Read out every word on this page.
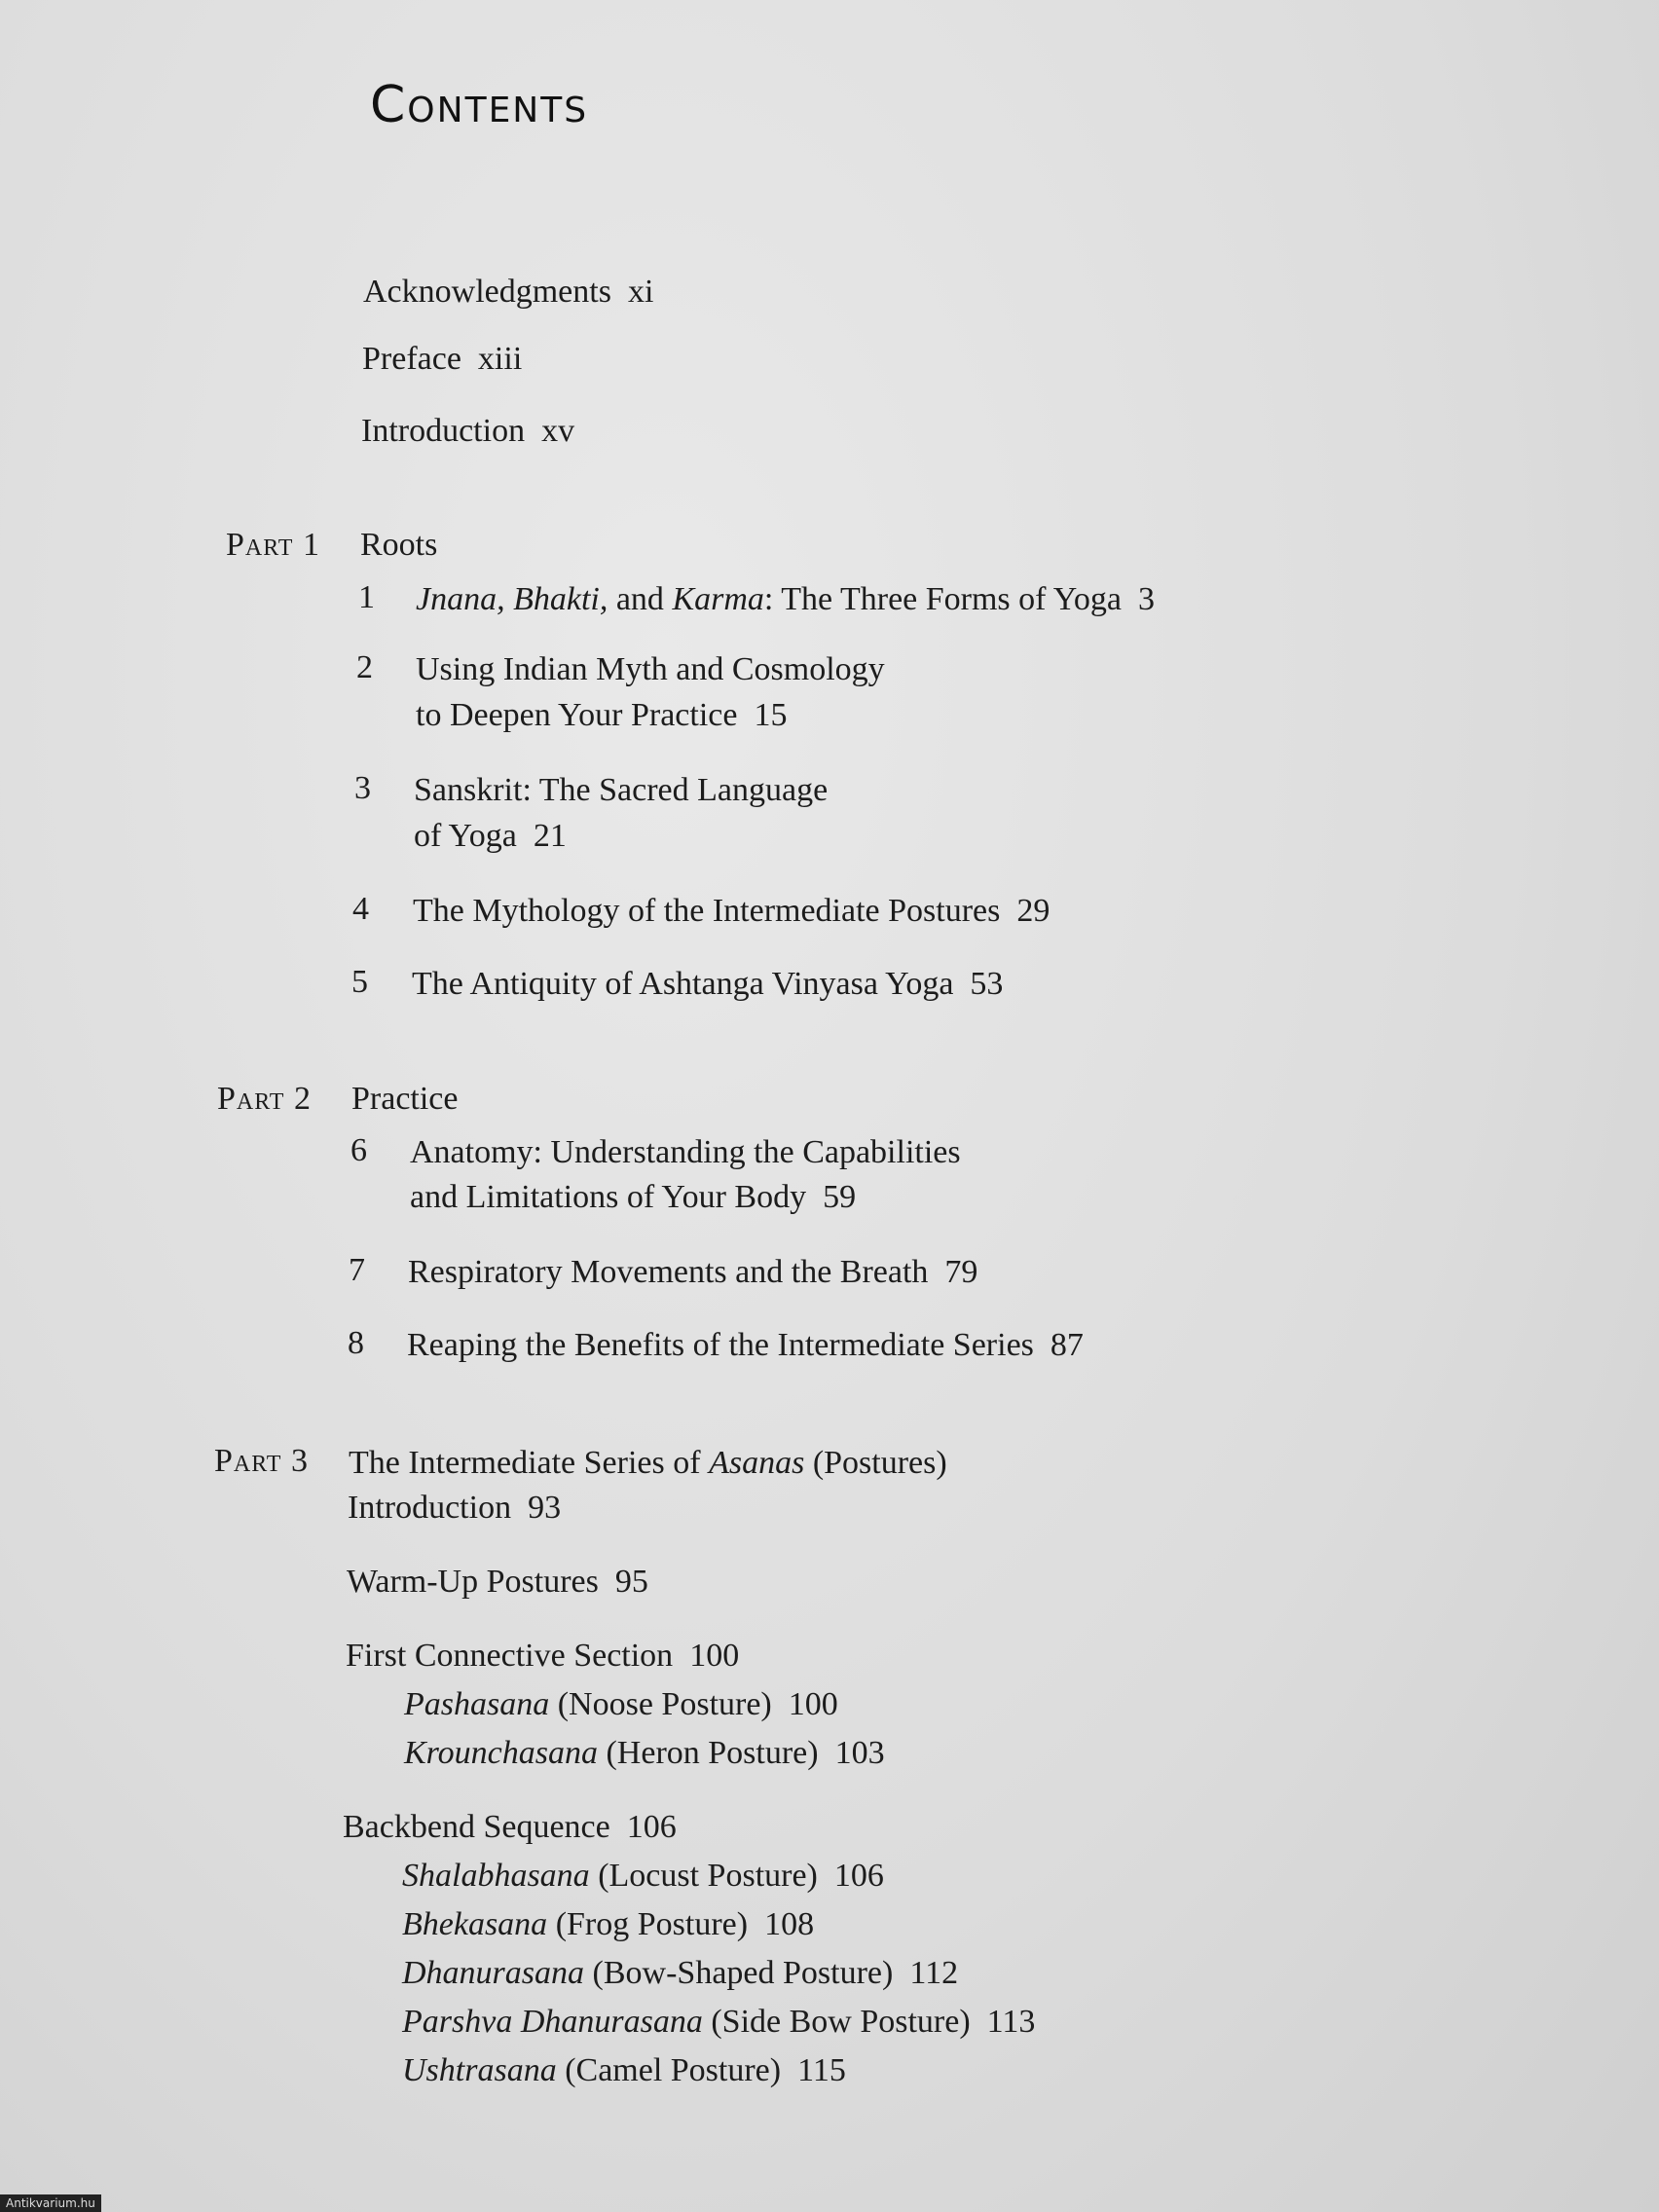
Contents
Acknowledgments xi
Preface xiii
Introduction xv
Part 1 Roots
1 Jnana, Bhakti, and Karma: The Three Forms of Yoga 3
2 Using Indian Myth and Cosmology
to Deepen Your Practice 15
3 Sanskrit: The Sacred Language
of Yoga 21
4 The Mythology of the Intermediate Postures 29
5 The Antiquity of Ashtanga Vinyasa Yoga 53
Part 2 Practice
6 Anatomy: Understanding the Capabilities
and Limitations of Your Body 59
7 Respiratory Movements and the Breath 79
8 Reaping the Benefits of the Intermediate Series 87
Part 3 The Intermediate Series of Asanas (Postures)
Introduction 93
Warm-Up Postures 95
First Connective Section 100
Pashasana (Noose Posture) 100
Krounchasana (Heron Posture) 103
Backbend Sequence 106
Shalabhasana (Locust Posture) 106
Bhekasana (Frog Posture) 108
Dhanurasana (Bow-Shaped Posture) 112
Parshva Dhanurasana (Side Bow Posture) 113
Ushtrasana (Camel Posture) 115
Antikvarium.hu
